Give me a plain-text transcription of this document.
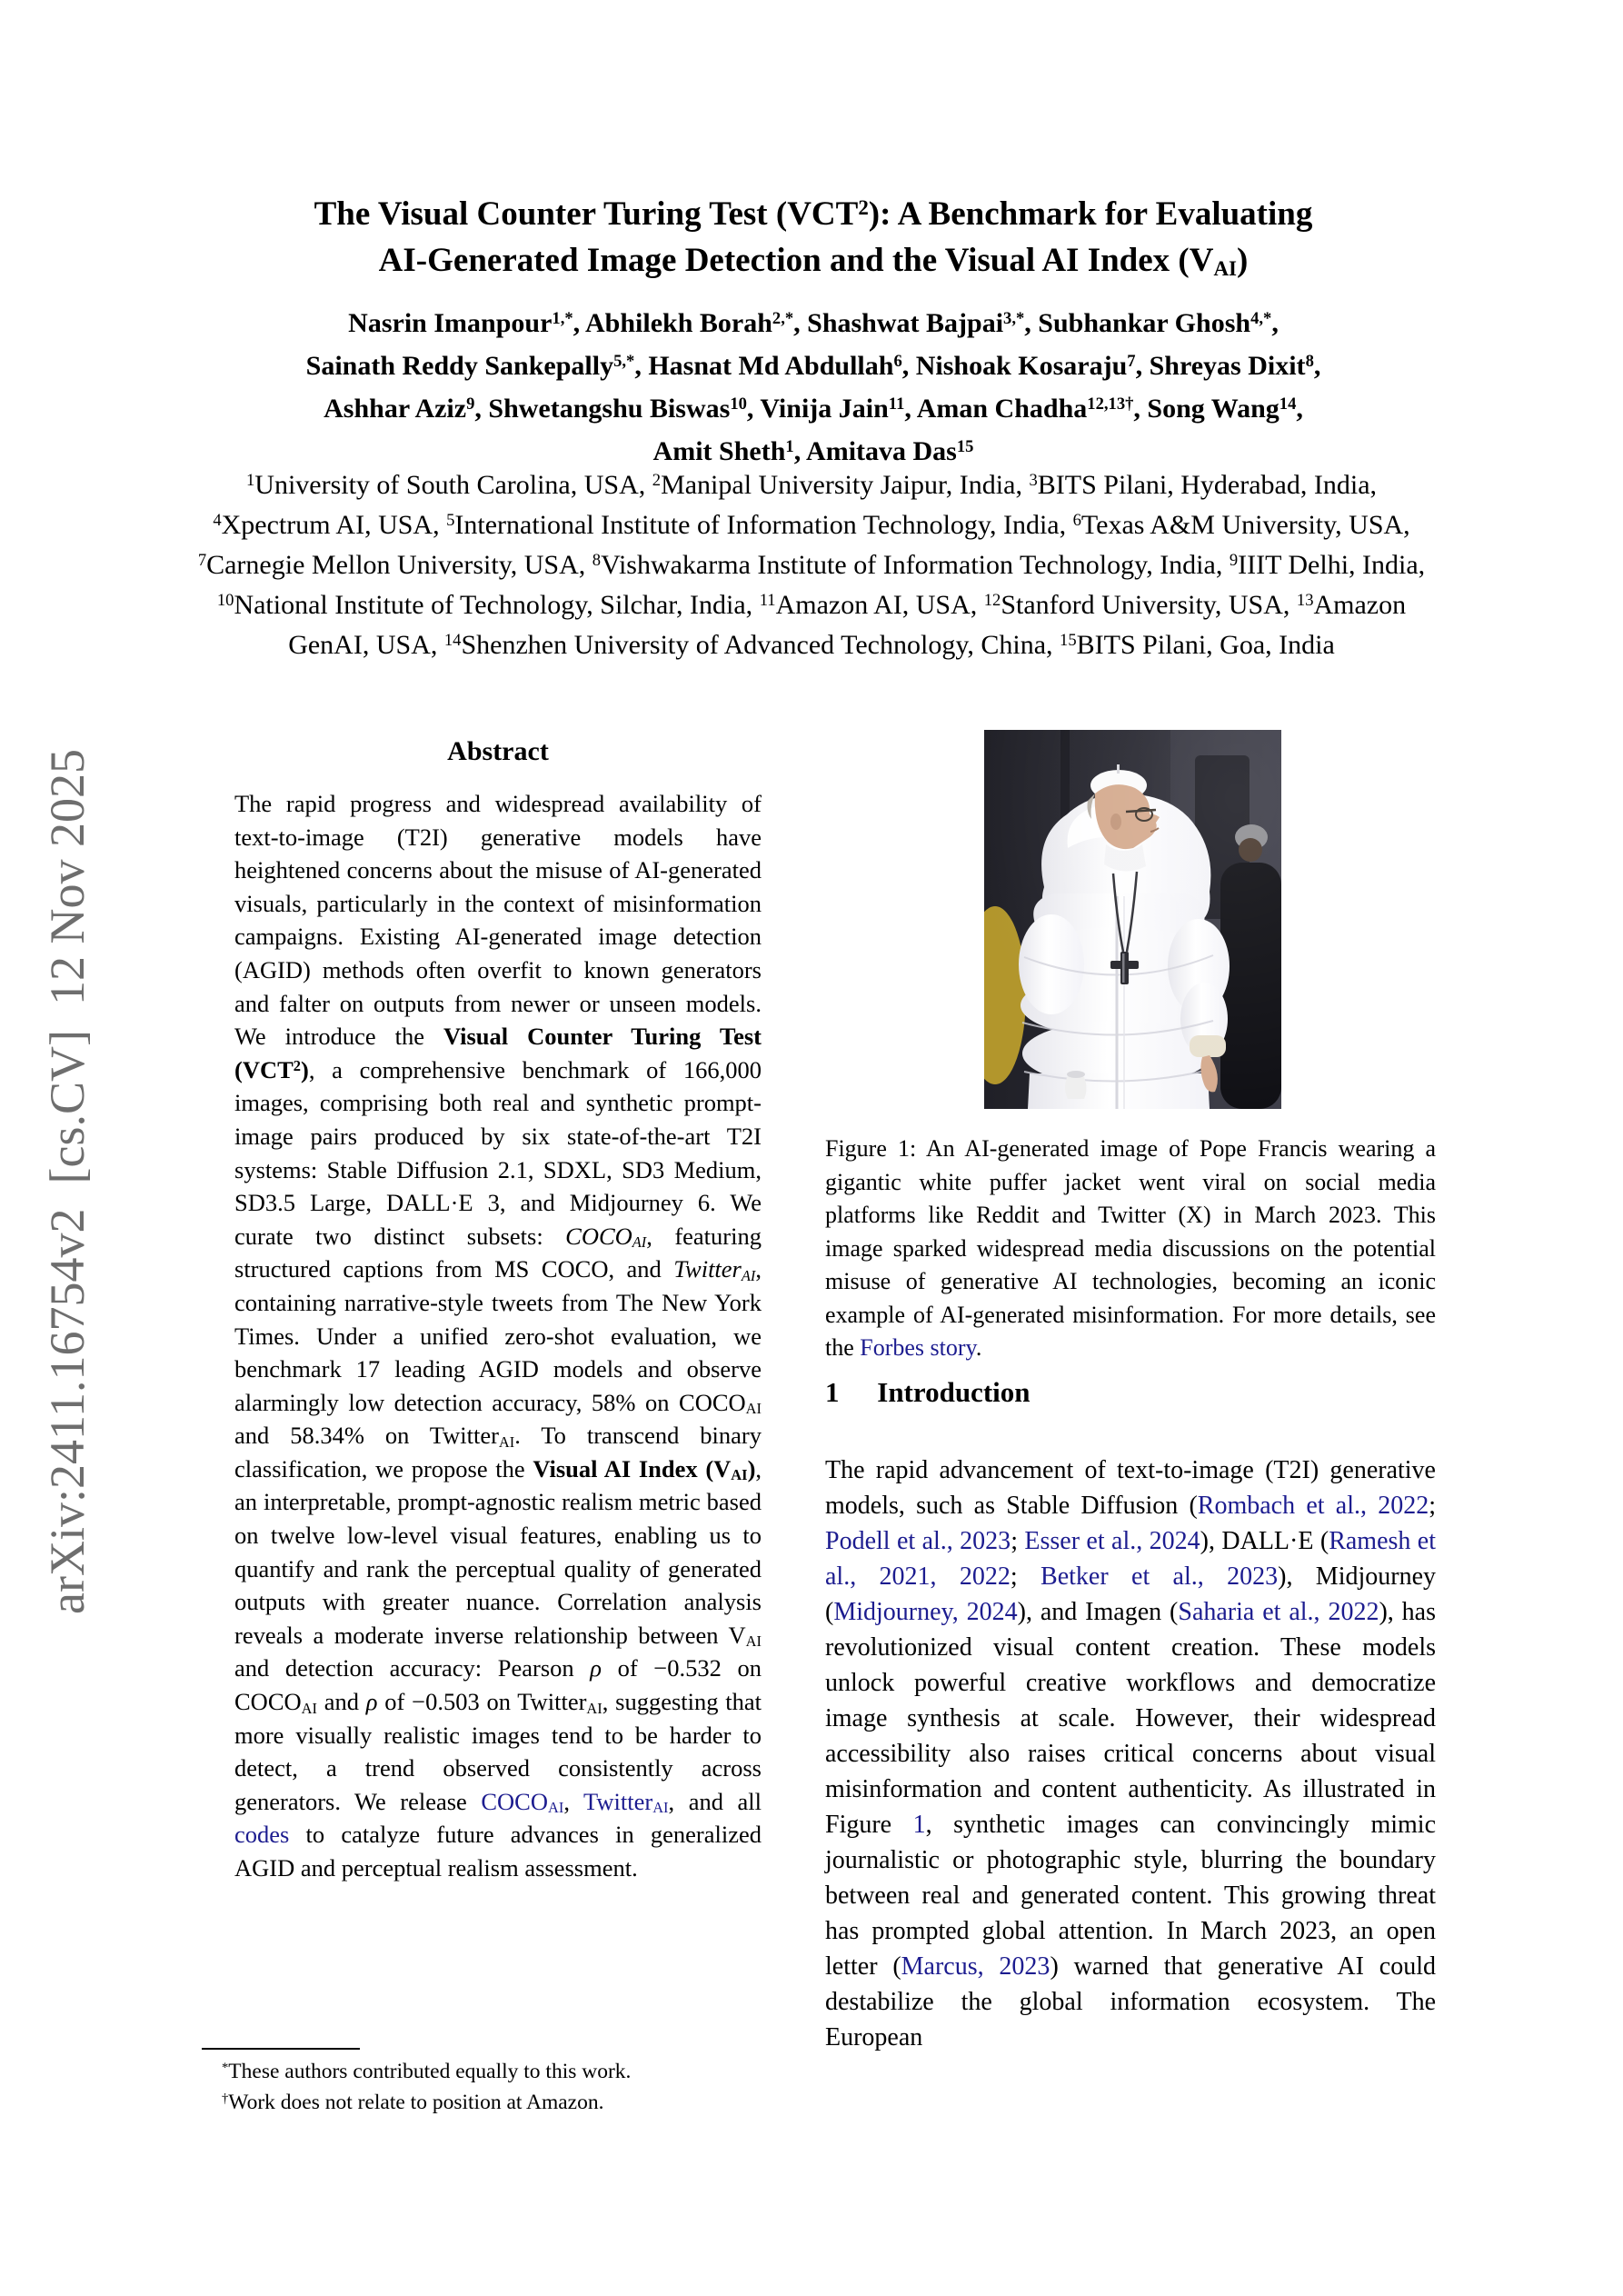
arXiv:2411.16754v2  [cs.CV]  12 Nov 2025
The Visual Counter Turing Test (VCT$^2$): A Benchmark for Evaluating
AI-Generated Image Detection and the Visual AI Index (VAI)
Nasrin Imanpour$^{1,*}$, Abhilekh Borah$^{2,*}$, Shashwat Bajpai$^{3,*}$, Subhankar Ghosh$^{4,*}$,
Sainath Reddy Sankepally$^{5,*}$, Hasnat Md Abdullah$^6$, Nishoak Kosaraju$^7$, Shreyas Dixit$^8$,
Ashhar Aziz$^9$, Shwetangshu Biswas$^{10}$, Vinija Jain$^{11}$, Aman Chadha$^{12,13\dagger}$, Song Wang$^{14}$,
Amit Sheth$^1$, Amitava Das$^{15}$
$^1$University of South Carolina, USA, $^2$Manipal University Jaipur, India, $^3$BITS Pilani, Hyderabad, India, $^4$Xpectrum AI, USA, $^5$International Institute of Information Technology, India, $^6$Texas A&M University, USA, $^7$Carnegie Mellon University, USA, $^8$Vishwakarma Institute of Information Technology, India, $^9$IIIT Delhi, India, $^{10}$National Institute of Technology, Silchar, India, $^{11}$Amazon AI, USA, $^{12}$Stanford University, USA, $^{13}$Amazon GenAI, USA, $^{14}$Shenzhen University of Advanced Technology, China, $^{15}$BITS Pilani, Goa, India
Abstract
The rapid progress and widespread availability of text-to-image (T2I) generative models have heightened concerns about the misuse of AI-generated visuals, particularly in the context of misinformation campaigns. Existing AI-generated image detection (AGID) methods often overfit to known generators and falter on outputs from newer or unseen models. We introduce the Visual Counter Turing Test (VCT$^2$), a comprehensive benchmark of 166,000 images, comprising both real and synthetic prompt-image pairs produced by six state-of-the-art T2I systems: Stable Diffusion 2.1, SDXL, SD3 Medium, SD3.5 Large, DALL·E 3, and Midjourney 6. We curate two distinct subsets: COCOAI, featuring structured captions from MS COCO, and TwitterAI, containing narrative-style tweets from The New York Times. Under a unified zero-shot evaluation, we benchmark 17 leading AGID models and observe alarmingly low detection accuracy, 58% on COCOAI and 58.34% on TwitterAI. To transcend binary classification, we propose the Visual AI Index (VAI), an interpretable, prompt-agnostic realism metric based on twelve low-level visual features, enabling us to quantify and rank the perceptual quality of generated outputs with greater nuance. Correlation analysis reveals a moderate inverse relationship between VAI and detection accuracy: Pearson ρ of −0.532 on COCOAI and ρ of −0.503 on TwitterAI, suggesting that more visually realistic images tend to be harder to detect, a trend observed consistently across generators. We release COCOAI, TwitterAI, and all codes to catalyze future advances in generalized AGID and perceptual realism assessment.
*These authors contributed equally to this work.
†Work does not relate to position at Amazon.
Figure 1: An AI-generated image of Pope Francis wearing a gigantic white puffer jacket went viral on social media platforms like Reddit and Twitter (X) in March 2023. This image sparked widespread media discussions on the potential misuse of generative AI technologies, becoming an iconic example of AI-generated misinformation. For more details, see the Forbes story.
1 Introduction
The rapid advancement of text-to-image (T2I) generative models, such as Stable Diffusion (Rombach et al., 2022; Podell et al., 2023; Esser et al., 2024), DALL·E (Ramesh et al., 2021, 2022; Betker et al., 2023), Midjourney (Midjourney, 2024), and Imagen (Saharia et al., 2022), has revolutionized visual content creation. These models unlock powerful creative workflows and democratize image synthesis at scale. However, their widespread accessibility also raises critical concerns about visual misinformation and content authenticity. As illustrated in Figure 1, synthetic images can convincingly mimic journalistic or photographic style, blurring the boundary between real and generated content. This growing threat has prompted global attention. In March 2023, an open letter (Marcus, 2023) warned that generative AI could destabilize the global information ecosystem. The European
